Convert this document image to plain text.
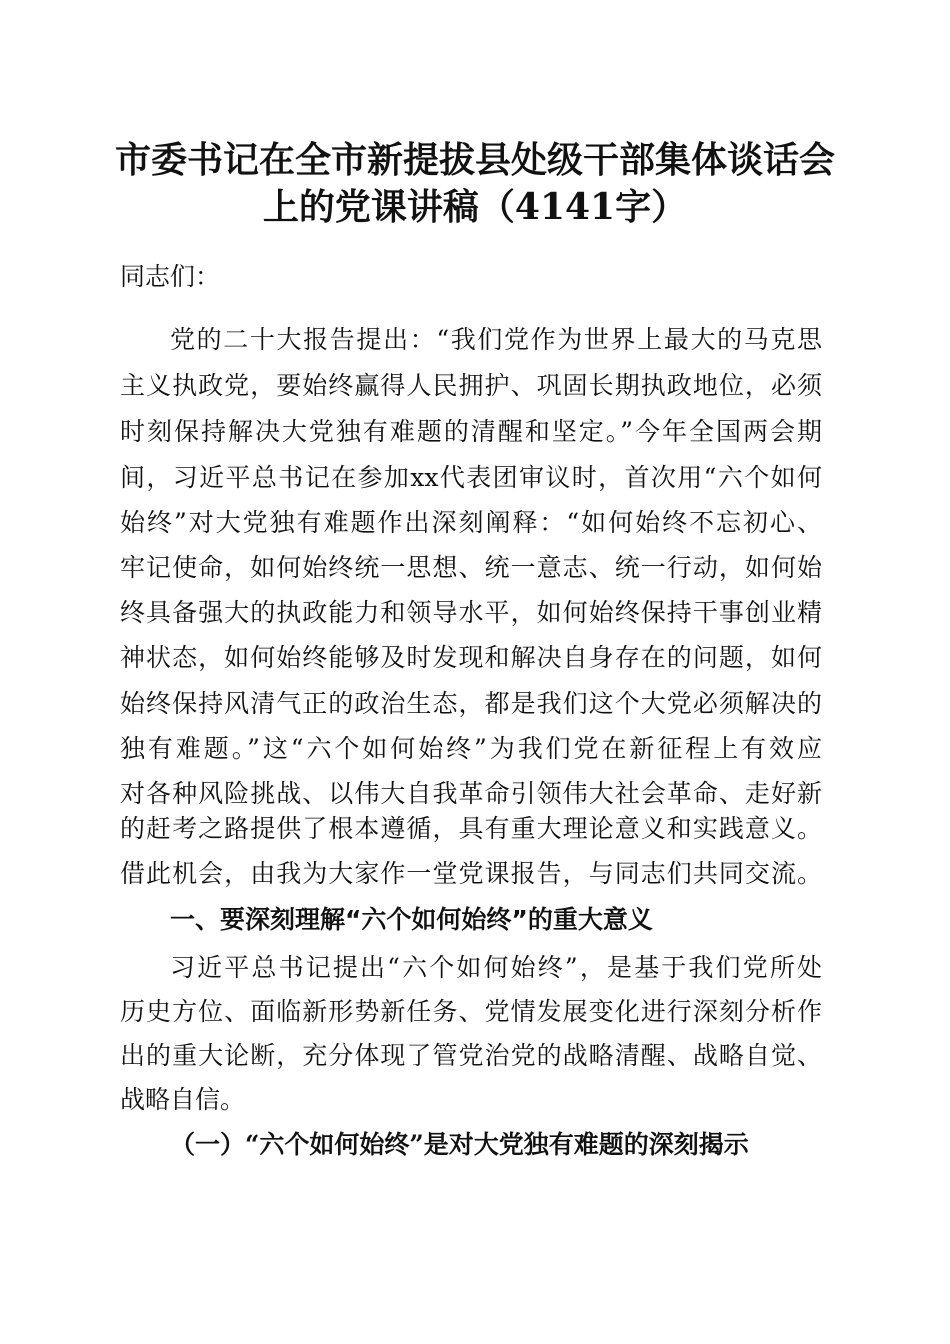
市委书记在全市新提拔县处级干部集体谈话会
上的党课讲稿（4141字）
同志们：
党的二十大报告提出：“我们党作为世界上最大的马克思
主义执政党，要始终赢得人民拥护、巩固长期执政地位，必须
时刻保持解决大党独有难题的清醒和坚定。”今年全国两会期
间，习近平总书记在参加xx代表团审议时，首次用“六个如何
始终”对大党独有难题作出深刻阐释：“如何始终不忘初心、
牢记使命，如何始终统一思想、统一意志、统一行动，如何始
终具备强大的执政能力和领导水平，如何始终保持干事创业精
神状态，如何始终能够及时发现和解决自身存在的问题，如何
始终保持风清气正的政治生态，都是我们这个大党必须解决的
独有难题。”这“六个如何始终”为我们党在新征程上有效应
对各种风险挑战、以伟大自我革命引领伟大社会革命、走好新
的赶考之路提供了根本遵循，具有重大理论意义和实践意义。
借此机会，由我为大家作一堂党课报告，与同志们共同交流。
一、要深刻理解“六个如何始终”的重大意义
习近平总书记提出“六个如何始终”，是基于我们党所处
历史方位、面临新形势新任务、党情发展变化进行深刻分析作
出的重大论断，充分体现了管党治党的战略清醒、战略自觉、
战略自信。
（一）“六个如何始终”是对大党独有难题的深刻揭示
